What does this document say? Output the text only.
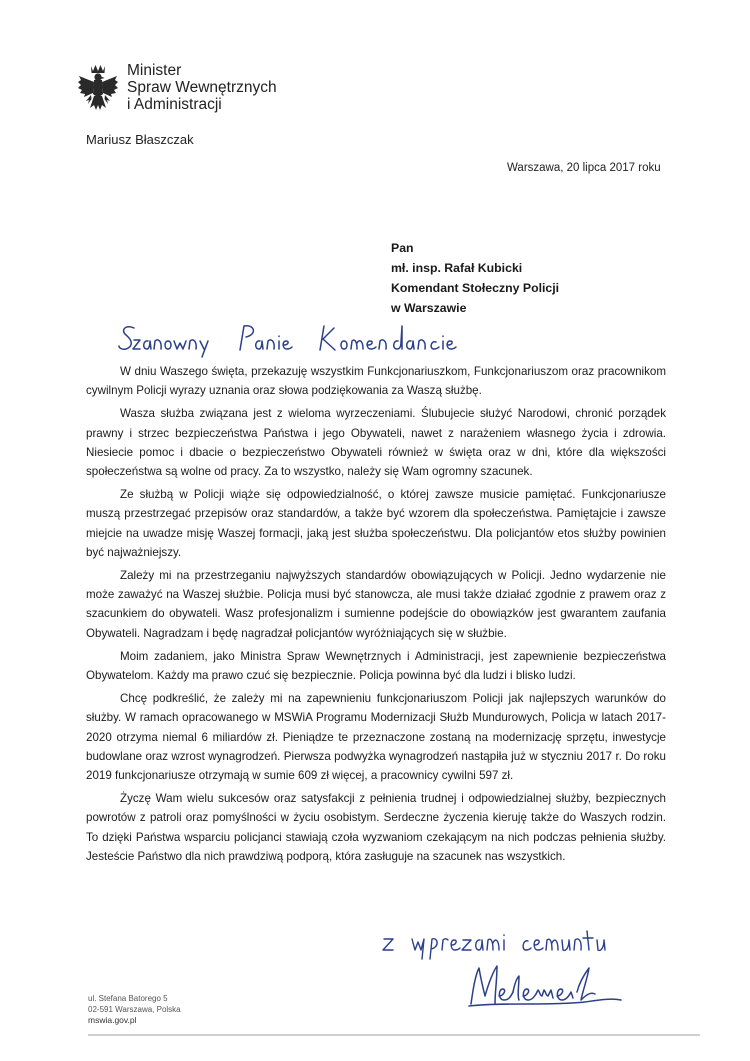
Minister
Spraw Wewnętrznych
i Administracji
Mariusz Błaszczak
Warszawa, 20 lipca 2017 roku
Pan
mł. insp. Rafał Kubicki
Komendant Stołeczny Policji
w Warszawie

W dniu Waszego święta, przekazuję wszystkim Funkcjonariuszkom, Funkcjonariuszom oraz pracownikom cywilnym Policji wyrazy uznania oraz słowa podziękowania za Waszą służbę.

Wasza służba związana jest z wieloma wyrzeczeniami. Ślubujecie służyć Narodowi, chronić porządek prawny i strzec bezpieczeństwa Państwa i jego Obywateli, nawet z narażeniem własnego życia i zdrowia. Niesiecie pomoc i dbacie o bezpieczeństwo Obywateli również w święta oraz w dni, które dla większości społeczeństwa są wolne od pracy. Za to wszystko, należy się Wam ogromny szacunek.

Ze służbą w Policji wiąże się odpowiedzialność, o której zawsze musicie pamiętać. Funkcjonariusze muszą przestrzegać przepisów oraz standardów, a także być wzorem dla społeczeństwa. Pamiętajcie i zawsze miejcie na uwadze misję Waszej formacji, jaką jest służba społeczeństwu. Dla policjantów etos służby powinien być najważniejszy.

Zależy mi na przestrzeganiu najwyższych standardów obowiązujących w Policji. Jedno wydarzenie nie może zaważyć na Waszej służbie. Policja musi być stanowcza, ale musi także działać zgodnie z prawem oraz z szacunkiem do obywateli. Wasz profesjonalizm i sumienne podejście do obowiązków jest gwarantem zaufania Obywateli. Nagradzam i będę nagradzał policjantów wyróżniających się w służbie.

Moim zadaniem, jako Ministra Spraw Wewnętrznych i Administracji, jest zapewnienie bezpieczeństwa Obywatelom. Każdy ma prawo czuć się bezpiecznie. Policja powinna być dla ludzi i blisko ludzi.

Chcę podkreślić, że zależy mi na zapewnieniu funkcjonariuszom Policji jak najlepszych warunków do służby. W ramach opracowanego w MSWiA Programu Modernizacji Służb Mundurowych, Policja w latach 2017-2020 otrzyma niemal 6 miliardów zł. Pieniądze te przeznaczone zostaną na modernizację sprzętu, inwestycje budowlane oraz wzrost wynagrodzeń. Pierwsza podwyżka wynagrodzeń nastąpiła już w styczniu 2017 r. Do roku 2019 funkcjonariusze otrzymają w sumie 609 zł więcej, a pracownicy cywilni 597 zł.

Życzę Wam wielu sukcesów oraz satysfakcji z pełnienia trudnej i odpowiedzialnej służby, bezpiecznych powrotów z patroli oraz pomyślności w życiu osobistym. Serdeczne życzenia kieruję także do Waszych rodzin. To dzięki Państwa wsparciu policjanci stawiają czoła wyzwaniom czekającym na nich podczas pełnienia służby. Jesteście Państwo dla nich prawdziwą podporą, która zasługuje na szacunek nas wszystkich.

ul. Stefana Batorego 5
02-591 Warszawa, Polska
mswia.gov.pl
